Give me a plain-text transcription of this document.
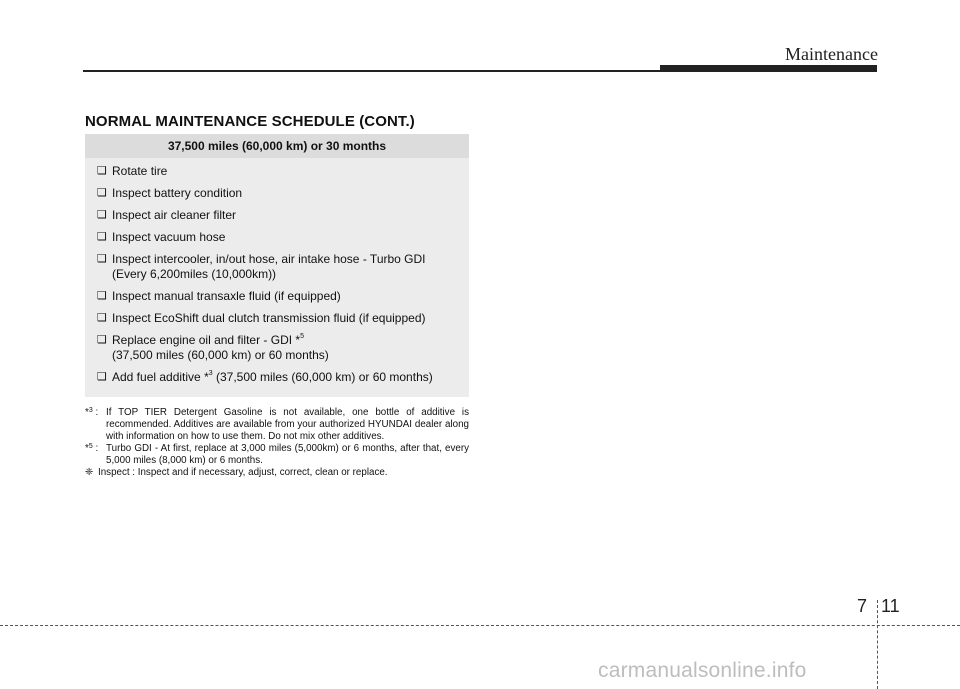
Maintenance
NORMAL MAINTENANCE SCHEDULE (CONT.)
37,500 miles (60,000 km) or 30 months
❑ Rotate tire
❑ Inspect battery condition
❑ Inspect air cleaner filter
❑ Inspect vacuum hose
❑ Inspect intercooler, in/out hose, air intake hose - Turbo GDI
(Every 6,200miles (10,000km))
❑ Inspect manual transaxle fluid (if equipped)
❑ Inspect EcoShift dual clutch transmission fluid (if equipped)
❑ Replace engine oil and filter - GDI *$^5$
(37,500 miles (60,000 km) or 60 months)
❑ Add fuel additive *$^3$ (37,500 miles (60,000 km) or 60 months)
*$^3$ : If TOP TIER Detergent Gasoline is not available, one bottle of additive is recommended. Additives are available from your authorized HYUNDAI dealer along with information on how to use them. Do not mix other additives.
*$^5$ : Turbo GDI - At first, replace at 3,000 miles (5,000km) or 6 months, after that, every 5,000 miles (8,000 km) or 6 months.
❈ Inspect : Inspect and if necessary, adjust, correct, clean or replace.
7 11
carmanualsonline.info
